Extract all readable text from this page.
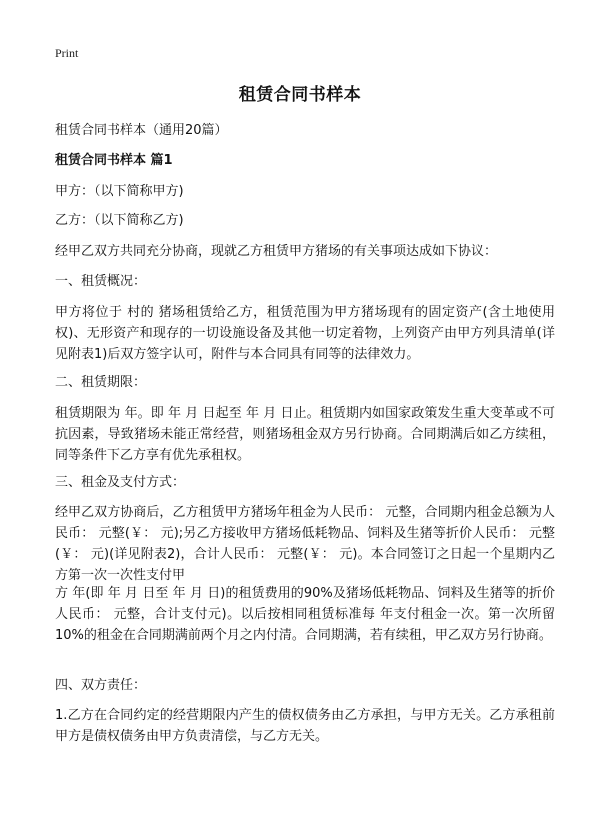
Print
租赁合同书样本

租赁合同书样本（通用20篇）

租赁合同书样本 篇1

甲方：（以下简称甲方)

乙方：（以下简称乙方)

经甲乙双方共同充分协商，现就乙方租赁甲方猪场的有关事项达成如下协议：

一、租赁概况：

甲方将位于 村的 猪场租赁给乙方，租赁范围为甲方猪场现有的固定资产(含土地使用权)、无形资产和现存的一切设施设备及其他一切定着物，上列资产由甲方列具清单(详见附表1)后双方签字认可，附件与本合同具有同等的法律效力。

二、租赁期限：

租赁期限为 年。即 年 月 日起至 年 月 日止。租赁期内如国家政策发生重大变革或不可抗因素，导致猪场未能正常经营，则猪场租金双方另行协商。合同期满后如乙方续租，同等条件下乙方享有优先承租权。

三、租金及支付方式：

经甲乙双方协商后，乙方租赁甲方猪场年租金为人民币： 元整，合同期内租金总额为人民币： 元整(￥： 元);另乙方接收甲方猪场低耗物品、饲料及生猪等折价人民币： 元整(￥： 元)(详见附表2)，合计人民币： 元整(￥： 元)。本合同签订之日起一个星期内乙方第一次一次性支付甲

方 年(即 年 月 日至 年 月 日)的租赁费用的90%及猪场低耗物品、饲料及生猪等的折价人民币： 元整，合计支付元)。以后按相同租赁标准每 年支付租金一次。第一次所留10%的租金在合同期满前两个月之内付清。合同期满，若有续租，甲乙双方另行协商。

四、双方责任：

1.乙方在合同约定的经营期限内产生的债权债务由乙方承担，与甲方无关。乙方承租前甲方是债权债务由甲方负责清偿，与乙方无关。
